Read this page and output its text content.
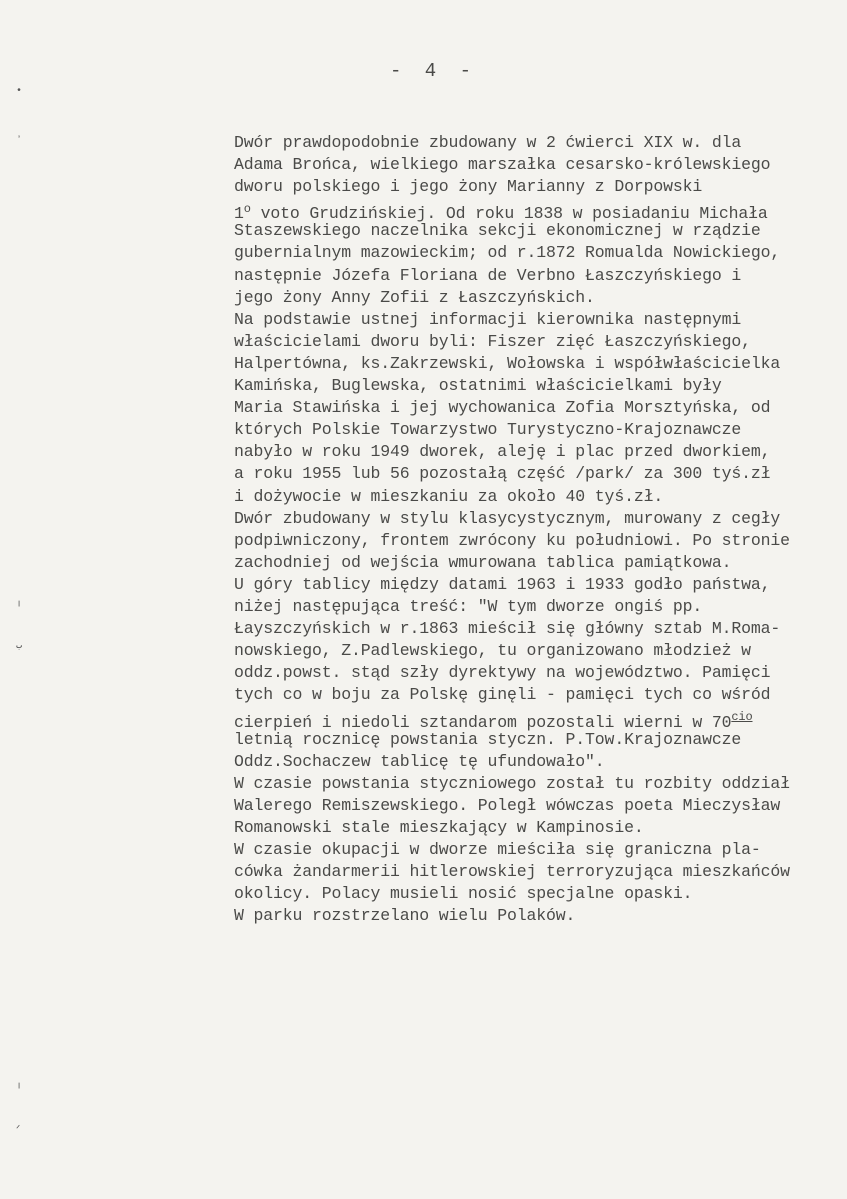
- 4 -
•
ʼ
╷
ب
╷
ᐟ
Dwór prawdopodobnie zbudowany w 2 ćwierci XIX w. dla
Adama Brońca, wielkiego marszałka cesarsko-królewskiego
dworu polskiego i jego żony Marianny z Dorpowski
1$^o$ voto Grudzińskiej. Od roku 1838 w posiadaniu Michała
Staszewskiego naczelnika sekcji ekonomicznej w rządzie
gubernialnym mazowieckim; od r.1872 Romualda Nowickiego,
następnie Józefa Floriana de Verbno Łaszczyńskiego i
jego żony Anny Zofii z Łaszczyńskich.
Na podstawie ustnej informacji kierownika następnymi
właścicielami dworu byli: Fiszer zięć Łaszczyńskiego,
Halpertówna, ks.Zakrzewski, Wołowska i współwłaścicielka
Kamińska, Buglewska, ostatnimi właścicielkami były
Maria Stawińska i jej wychowanica Zofia Morsztyńska, od
których Polskie Towarzystwo Turystyczno-Krajoznawcze
nabyło w roku 1949 dworek, aleję i plac przed dworkiem,
a roku 1955 lub 56 pozostałą część /park/ za 300 tyś.zł
i dożywocie w mieszkaniu za około 40 tyś.zł.
Dwór zbudowany w stylu klasycystycznym, murowany z cegły
podpiwniczony, frontem zwrócony ku południowi. Po stronie
zachodniej od wejścia wmurowana tablica pamiątkowa.
U góry tablicy między datami 1963 i 1933 godło państwa,
niżej następująca treść: "W tym dworze ongiś pp.
Łayszczyńskich w r.1863 mieścił się główny sztab M.Roma-
nowskiego, Z.Padlewskiego, tu organizowano młodzież w
oddz.powst. stąd szły dyrektywy na województwo. Pamięci
tych co w boju za Polskę ginęli - pamięci tych co wśród
cierpień i niedoli sztandarom pozostali wierni w $70^{cio}$
letnią rocznicę powstania styczn. P.Tow.Krajoznawcze
Oddz.Sochaczew tablicę tę ufundowało".
W czasie powstania styczniowego został tu rozbity oddział
Walerego Remiszewskiego. Poległ wówczas poeta Mieczysław
Romanowski stale mieszkający w Kampinosie.
W czasie okupacji w dworze mieściła się graniczna pla-
cówka żandarmerii hitlerowskiej terroryzująca mieszkańców
okolicy. Polacy musieli nosić specjalne opaski.
W parku rozstrzelano wielu Polaków.
